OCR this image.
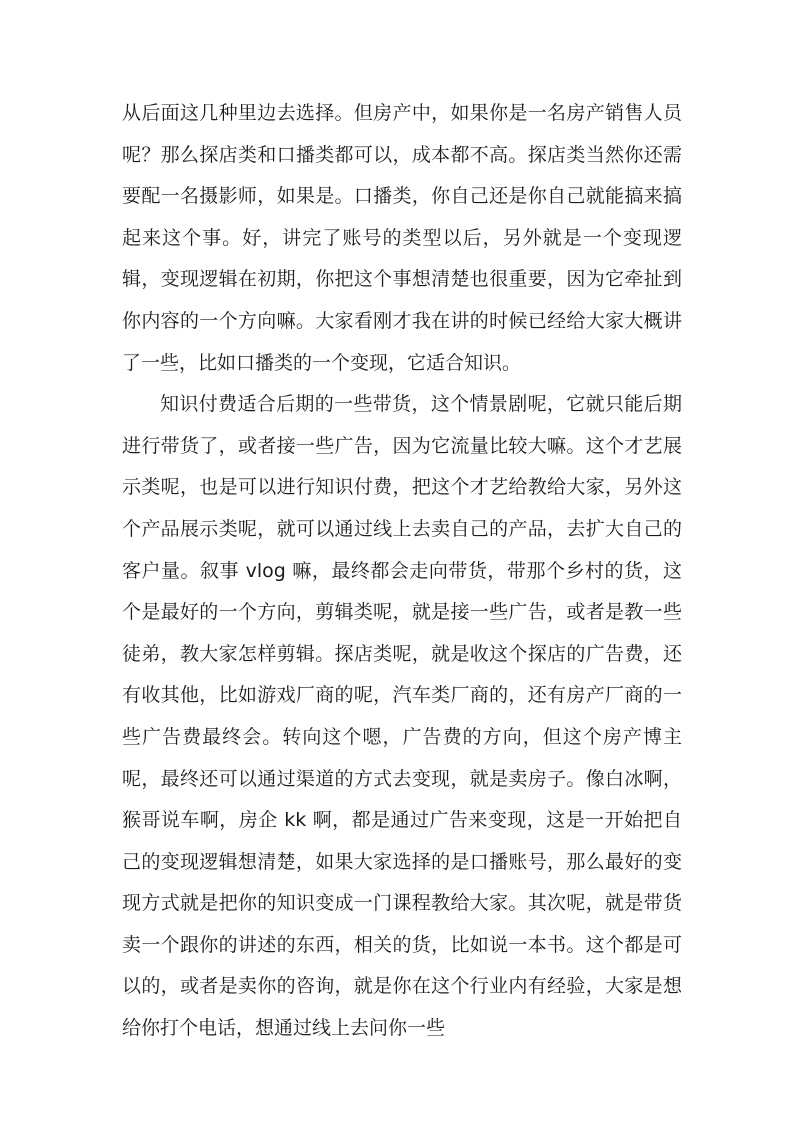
从后面这几种里边去选择。但房产中，如果你是一名房产销售人员呢？那么探店类和口播类都可以，成本都不高。探店类当然你还需要配一名摄影师，如果是。口播类，你自己还是你自己就能搞来搞起来这个事。好，讲完了账号的类型以后，另外就是一个变现逻辑，变现逻辑在初期，你把这个事想清楚也很重要，因为它牵扯到你内容的一个方向嘛。大家看刚才我在讲的时候已经给大家大概讲了一些，比如口播类的一个变现，它适合知识。

知识付费适合后期的一些带货，这个情景剧呢，它就只能后期进行带货了，或者接一些广告，因为它流量比较大嘛。这个才艺展示类呢，也是可以进行知识付费，把这个才艺给教给大家，另外这个产品展示类呢，就可以通过线上去卖自己的产品，去扩大自己的客户量。叙事 vlog 嘛，最终都会走向带货，带那个乡村的货，这个是最好的一个方向，剪辑类呢，就是接一些广告，或者是教一些徒弟，教大家怎样剪辑。探店类呢，就是收这个探店的广告费，还有收其他，比如游戏厂商的呢，汽车类厂商的，还有房产厂商的一些广告费最终会。转向这个嗯，广告费的方向，但这个房产博主呢，最终还可以通过渠道的方式去变现，就是卖房子。像白冰啊，猴哥说车啊，房企 kk 啊，都是通过广告来变现，这是一开始把自己的变现逻辑想清楚，如果大家选择的是口播账号，那么最好的变现方式就是把你的知识变成一门课程教给大家。其次呢，就是带货卖一个跟你的讲述的东西，相关的货，比如说一本书。这个都是可以的，或者是卖你的咨询，就是你在这个行业内有经验，大家是想给你打个电话，想通过线上去问你一些
